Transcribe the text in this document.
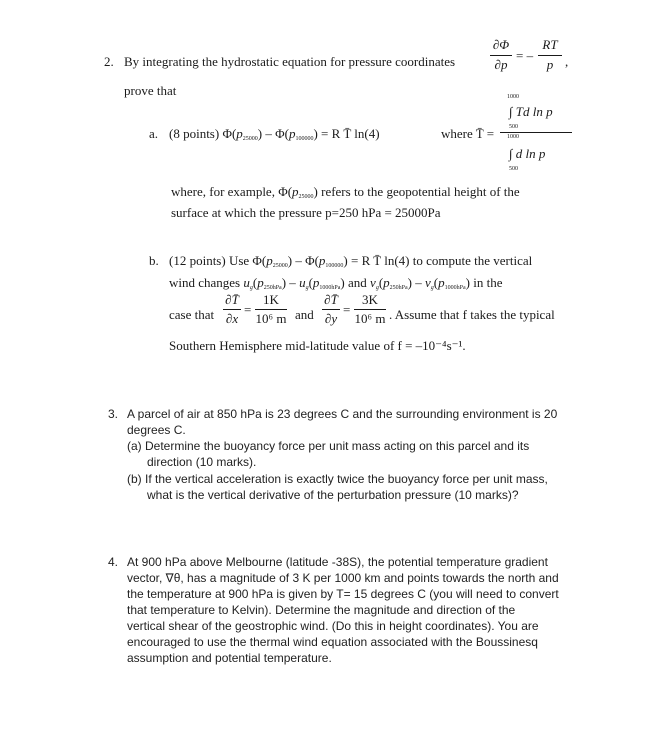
2. By integrating the hydrostatic equation for pressure coordinates
∂Φ
∂p
= –
RT
p ,
prove that
a. (8 points) $\Phi(p_{25000}) - \Phi(p_{100000}) = R$ T̄ ln(4)	where T̄ =
1000
∫ Td ln p
500
1000
∫ d ln p
500
where, for example, $\Phi(p_{25000})$ refers to the geopotential height of the
surface at which the pressure p=250 hPa = 25000Pa
b. (12 points) Use $\Phi(p_{25000}) - \Phi(p_{100000}) = R$ T̄ ln(4) to compute the vertical
wind changes $u_g(p_{250hPa}) - u_g(p_{1000hPa})$ and $v_g(p_{250hPa}) - v_g(p_{1000hPa})$ in the
case that
∂T̄
∂x
=
1K
10⁶ m and
∂T̄
∂y
=
3K
10⁶ m . Assume that f takes the typical
Southern Hemisphere mid-latitude value of f = –10⁻⁴s⁻¹.
3. A parcel of air at 850 hPa is 23 degrees C and the surrounding environment is 20
degrees C.
(a) Determine the buoyancy force per unit mass acting on this parcel and its
direction (10 marks).
(b) If the vertical acceleration is exactly twice the buoyancy force per unit mass,
what is the vertical derivative of the perturbation pressure (10 marks)?
4. At 900 hPa above Melbourne (latitude -38S), the potential temperature gradient
vector, ∇θ, has a magnitude of 3 K per 1000 km and points towards the north and
the temperature at 900 hPa is given by T= 15 degrees C (you will need to convert
that temperature to Kelvin). Determine the magnitude and direction of the
vertical shear of the geostrophic wind. (Do this in height coordinates). You are
encouraged to use the thermal wind equation associated with the Boussinesq
assumption and potential temperature.
